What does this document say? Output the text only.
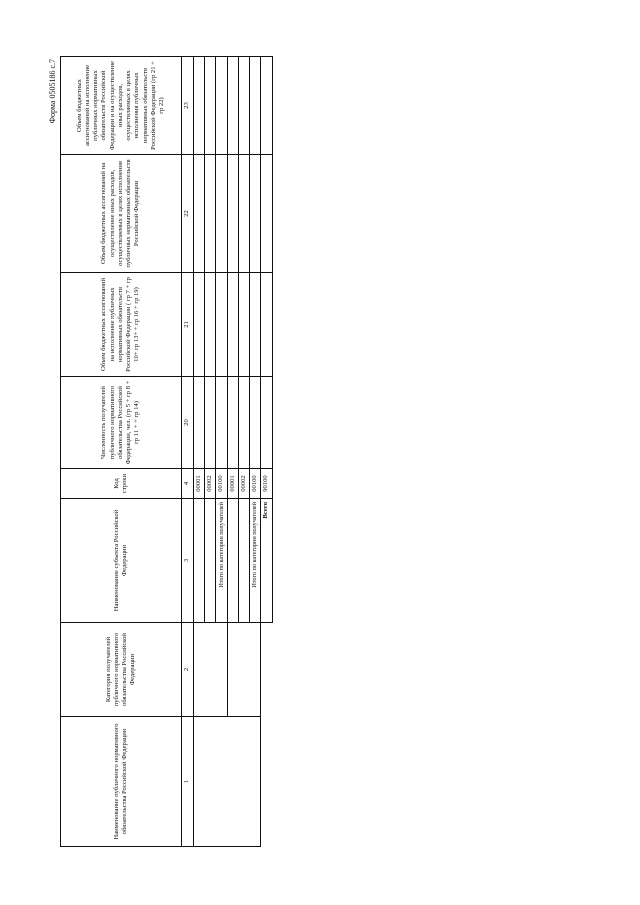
Форма 0505186 с.7
Наименование публичного нормативного обязательства Российской Федерации	Категория получателей публичного нормативного обязательства Российской Федерации	Наименование субъекта Российской Федерации	Код строки	Численность получателей публичного нормативного обязательства Российской Федерации, чел. (гр 5 + гр 8 + гр 11 + + гр 14)	Объем бюджетных ассигнований на исполнение публичных нормативных обязательств Российской Федерации ( гр 7 + гр 10+ гр 13+ + гр 16 + гр 19)	Объем бюджетных ассигнований на осуществление иных расходов, осуществляемых в целях исполнения публичных нормативных обязательств Российской Федерации	Объем бюджетных ассигнований на исполнение публичных нормативных обязательств Российской Федерации и на осуществление иных расходов, осуществляемых в целях исполнения публичных нормативных обязательств Российской Федерации (гр 21 + гр 22)
1	2	3	4	20	21	22	23
			00001				
			00002				
		Итого по категории получателей	00100				
			00001				
			00002				
		Итого по категории получателей	00100				
		Всего	90100				
